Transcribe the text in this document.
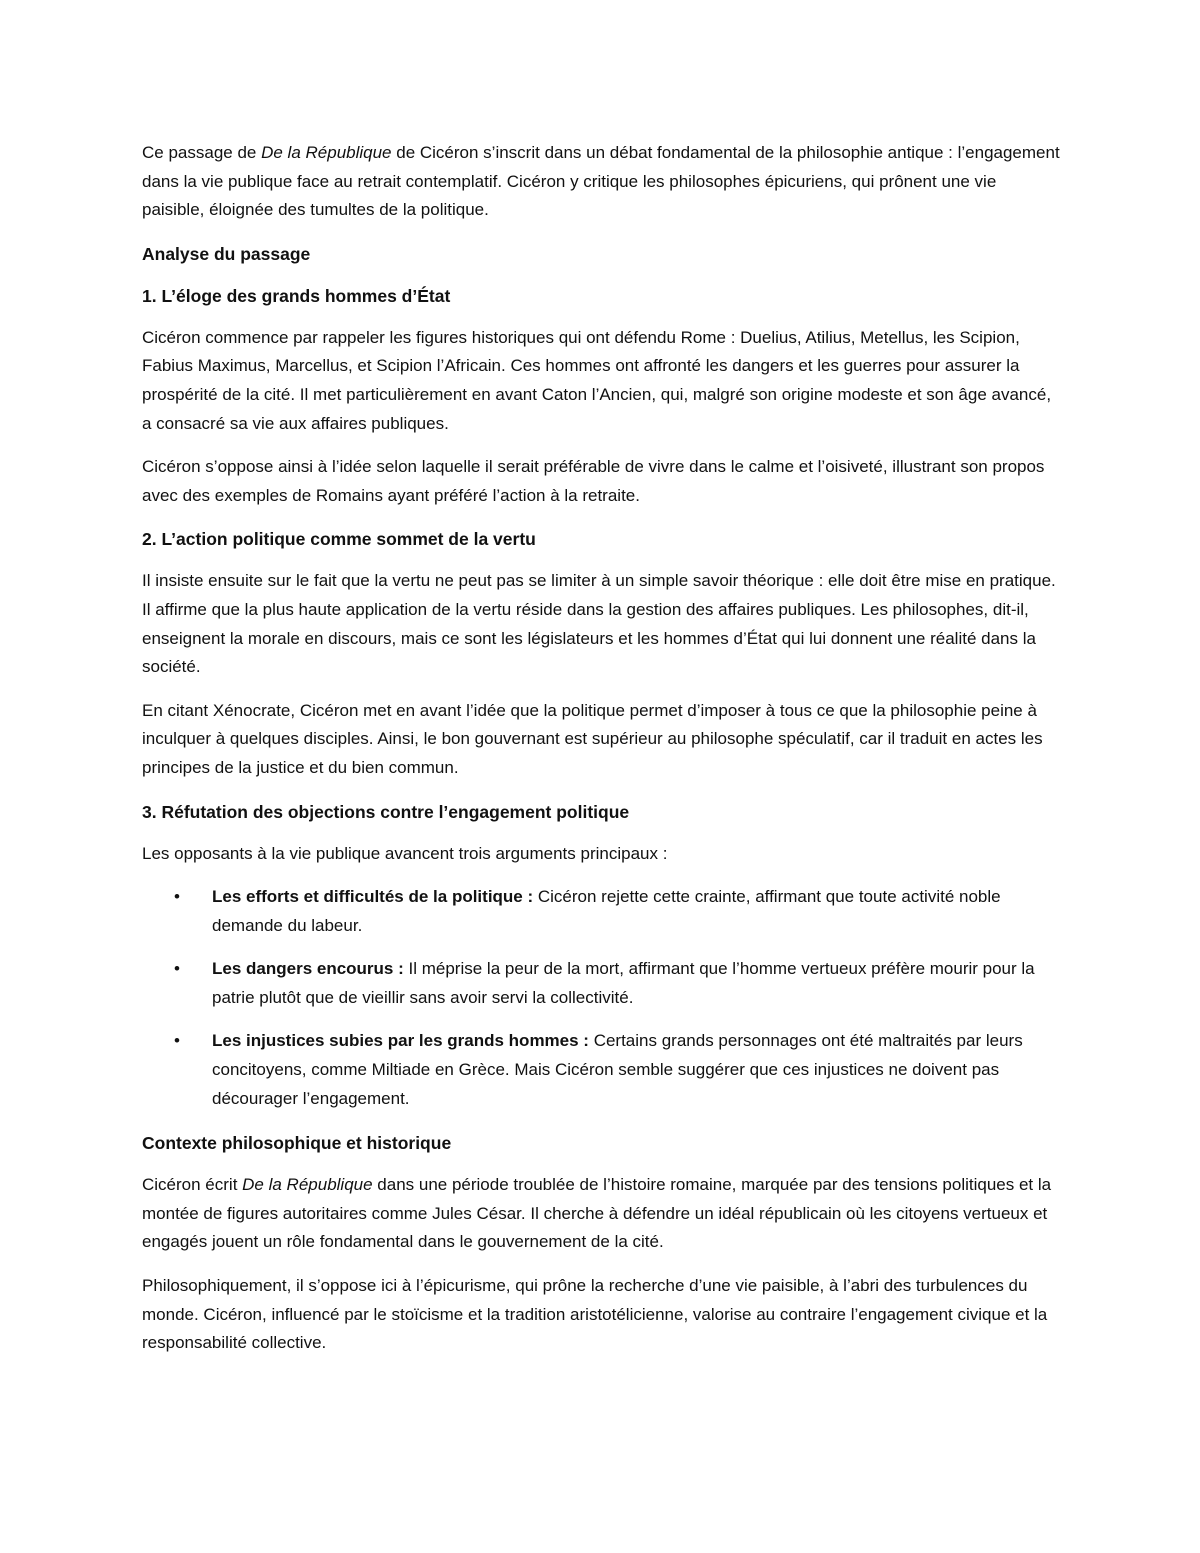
Ce passage de De la République de Cicéron s’inscrit dans un débat fondamental de la philosophie antique : l’engagement dans la vie publique face au retrait contemplatif. Cicéron y critique les philosophes épicuriens, qui prônent une vie paisible, éloignée des tumultes de la politique.

Analyse du passage
1. L’éloge des grands hommes d’État

Cicéron commence par rappeler les figures historiques qui ont défendu Rome : Duelius, Atilius, Metellus, les Scipion, Fabius Maximus, Marcellus, et Scipion l’Africain. Ces hommes ont affronté les dangers et les guerres pour assurer la prospérité de la cité. Il met particulièrement en avant Caton l’Ancien, qui, malgré son origine modeste et son âge avancé, a consacré sa vie aux affaires publiques.

Cicéron s’oppose ainsi à l’idée selon laquelle il serait préférable de vivre dans le calme et l’oisiveté, illustrant son propos avec des exemples de Romains ayant préféré l’action à la retraite.

2. L’action politique comme sommet de la vertu

Il insiste ensuite sur le fait que la vertu ne peut pas se limiter à un simple savoir théorique : elle doit être mise en pratique. Il affirme que la plus haute application de la vertu réside dans la gestion des affaires publiques. Les philosophes, dit-il, enseignent la morale en discours, mais ce sont les législateurs et les hommes d’État qui lui donnent une réalité dans la société.

En citant Xénocrate, Cicéron met en avant l’idée que la politique permet d’imposer à tous ce que la philosophie peine à inculquer à quelques disciples. Ainsi, le bon gouvernant est supérieur au philosophe spéculatif, car il traduit en actes les principes de la justice et du bien commun.

3. Réfutation des objections contre l’engagement politique

Les opposants à la vie publique avancent trois arguments principaux :

• Les efforts et difficultés de la politique : Cicéron rejette cette crainte, affirmant que toute activité noble demande du labeur.
• Les dangers encourus : Il méprise la peur de la mort, affirmant que l’homme vertueux préfère mourir pour la patrie plutôt que de vieillir sans avoir servi la collectivité.
• Les injustices subies par les grands hommes : Certains grands personnages ont été maltraités par leurs concitoyens, comme Miltiade en Grèce. Mais Cicéron semble suggérer que ces injustices ne doivent pas décourager l’engagement.
Contexte philosophique et historique

Cicéron écrit De la République dans une période troublée de l’histoire romaine, marquée par des tensions politiques et la montée de figures autoritaires comme Jules César. Il cherche à défendre un idéal républicain où les citoyens vertueux et engagés jouent un rôle fondamental dans le gouvernement de la cité.

Philosophiquement, il s’oppose ici à l’épicurisme, qui prône la recherche d’une vie paisible, à l’abri des turbulences du monde. Cicéron, influencé par le stoïcisme et la tradition aristotélicienne, valorise au contraire l’engagement civique et la responsabilité collective.
